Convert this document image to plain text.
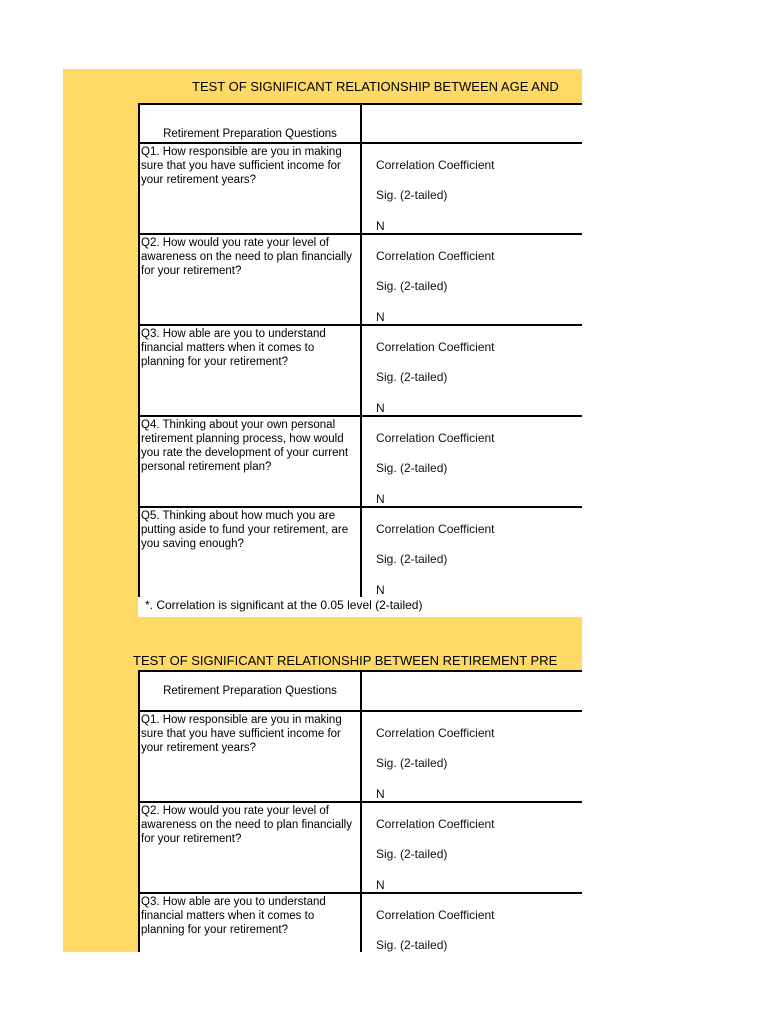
TEST OF SIGNIFICANT RELATIONSHIP BETWEEN AGE AND
Retirement Preparation Questions	

Q1. How responsible are you in making sure that you have sufficient income for your retirement years?	Correlation Coefficient
Sig. (2-tailed)
N

Q2. How would you rate your level of awareness on the need to plan financially for your retirement?	Correlation Coefficient
Sig. (2-tailed)
N

Q3. How able are you to understand financial matters when it comes to planning for your retirement?	Correlation Coefficient
Sig. (2-tailed)
N

Q4. Thinking about your own personal retirement planning process, how would you rate the development of your current personal retirement plan?	Correlation Coefficient
Sig. (2-tailed)
N

Q5. Thinking about how much you are putting aside to fund your retirement, are you saving enough?	Correlation Coefficient
Sig. (2-tailed)
N
*. Correlation is significant at the 0.05 level (2-tailed)
TEST OF SIGNIFICANT RELATIONSHIP BETWEEN RETIREMENT PRE
Retirement Preparation Questions	

Q1. How responsible are you in making sure that you have sufficient income for your retirement years?	Correlation Coefficient
Sig. (2-tailed)
N

Q2. How would you rate your level of awareness on the need to plan financially for your retirement?	Correlation Coefficient
Sig. (2-tailed)
N

Q3. How able are you to understand financial matters when it comes to planning for your retirement?	Correlation Coefficient
Sig. (2-tailed)
